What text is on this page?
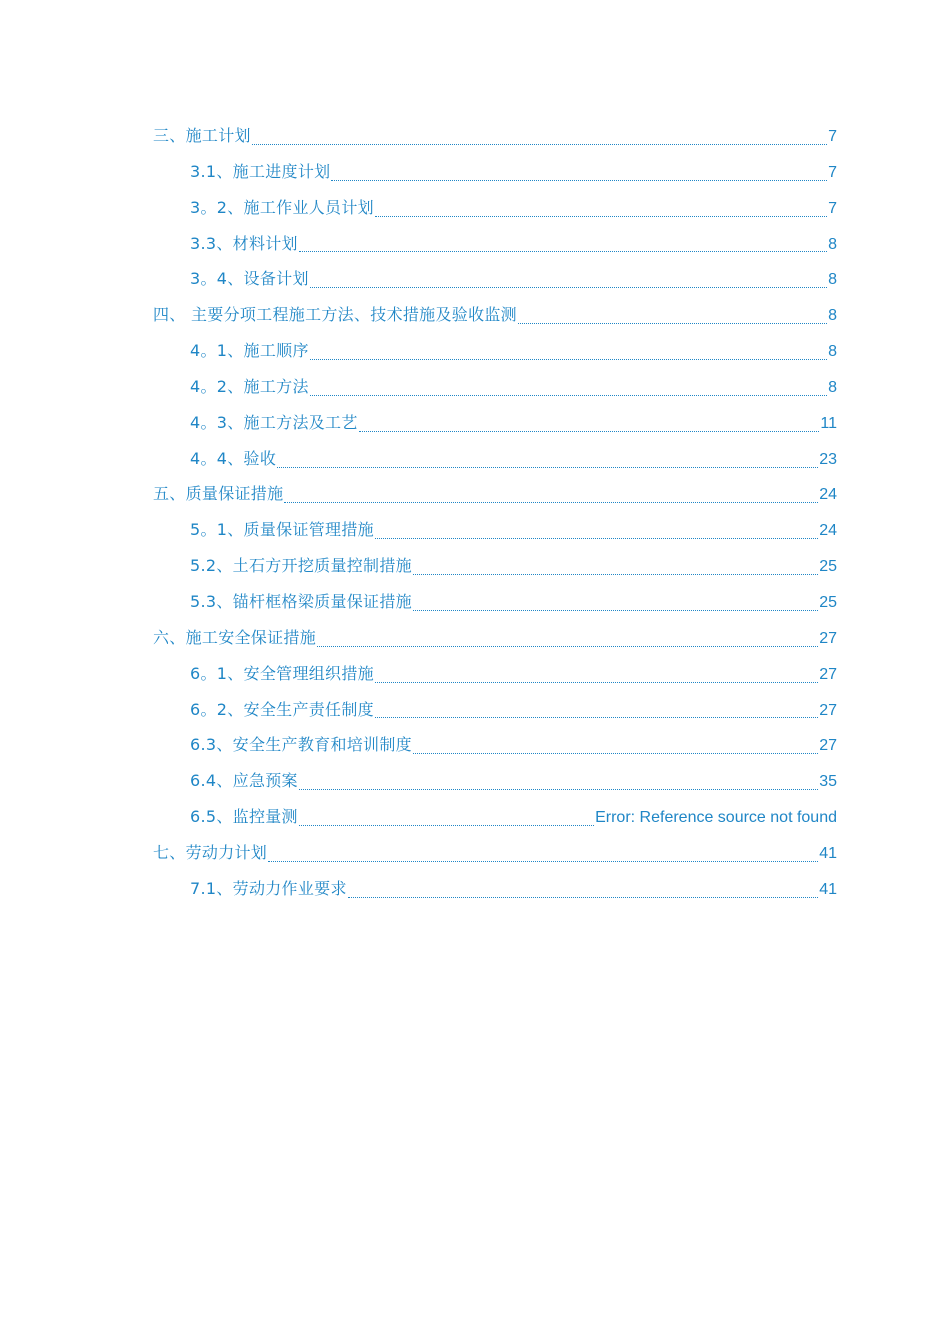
三、施工计划	7
3.1、施工进度计划	7
3。2、施工作业人员计划	7
3.3、材料计划	8
3。4、设备计划	8
四、 主要分项工程施工方法、技术措施及验收监测	8
4。1、施工顺序	8
4。2、施工方法	8
4。3、施工方法及工艺	11
4。4、验收	23
五、质量保证措施	24
5。1、质量保证管理措施	24
5.2、土石方开挖质量控制措施	25
5.3、锚杆框格梁质量保证措施	25
六、施工安全保证措施	27
6。1、安全管理组织措施	27
6。2、安全生产责任制度	27
6.3、安全生产教育和培训制度	27
6.4、应急预案	35
6.5、监控量测	Error: Reference source not found
七、劳动力计划	41
7.1、劳动力作业要求	41
